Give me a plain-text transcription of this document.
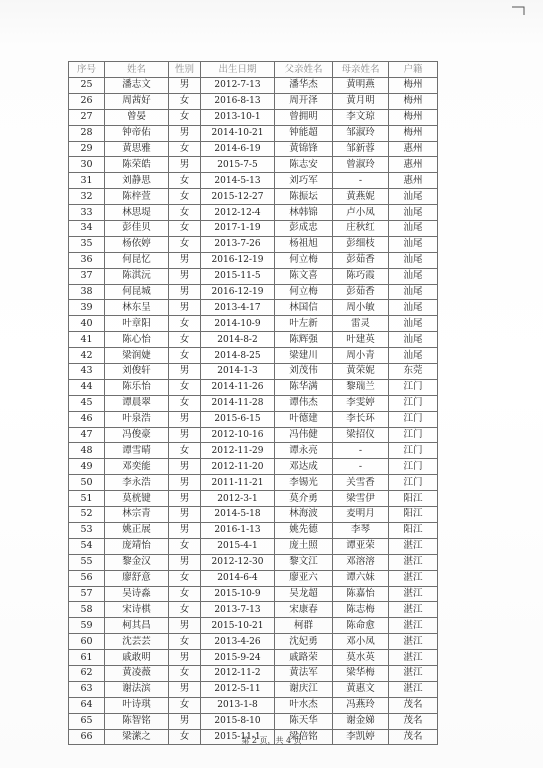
序号	姓名	性别	出生日期	父亲姓名	母亲姓名	户籍
25	潘志文	男	2012-7-13	潘华杰	黄明燕	梅州
26	周茜好	女	2016-8-13	周开泽	黄月明	梅州
27	曾晏	女	2013-10-1	曾拥明	李文琼	梅州
28	钟帝佑	男	2014-10-21	钟能超	邹淑玲	梅州
29	黄思雅	女	2014-6-19	黄锦锋	邹新蓉	惠州
30	陈荣皓	男	2015-7-5	陈志安	曾淑玲	惠州
31	刘静思	女	2014-5-13	刘巧军	-	惠州
32	陈梓萱	女	2015-12-27	陈振坛	黄燕妮	汕尾
33	林思堤	女	2012-12-4	林韩锦	卢小凤	汕尾
34	彭佳贝	女	2017-1-19	彭成忠	庄秋红	汕尾
35	杨依婷	女	2013-7-26	杨祖旭	彭细枝	汕尾
36	何昆忆	男	2016-12-19	何立梅	彭茹香	汕尾
37	陈淇沅	男	2015-11-5	陈文喜	陈巧霞	汕尾
38	何昆城	男	2016-12-19	何立梅	彭茹香	汕尾
39	林东呈	男	2013-4-17	林国信	周小敏	汕尾
40	叶章阳	女	2014-10-9	叶左新	雷灵	汕尾
41	陈心怡	女	2014-8-2	陈辉强	叶建英	汕尾
42	梁润婕	女	2014-8-25	梁建川	周小青	汕尾
43	刘俊轩	男	2014-1-3	刘茂伟	黄荣妮	东莞
44	陈乐怡	女	2014-11-26	陈华满	黎瑞兰	江门
45	谭晨翠	女	2014-11-28	谭伟杰	李雯婷	江门
46	叶泉浩	男	2015-6-15	叶德建	李长环	江门
47	冯俊豪	男	2012-10-16	冯伟健	梁招仪	江门
48	谭雪晴	女	2012-11-29	谭永亮	-	江门
49	邓奕能	男	2012-11-20	邓达成	-	江门
50	李永浩	男	2011-11-21	李锡光	关雪香	江门
51	莫桄键	男	2012-3-1	莫介勇	梁雪伊	阳江
52	林宗青	男	2014-5-18	林海波	麦明月	阳江
53	姚正展	男	2016-1-13	姚先德	李琴	阳江
54	庞靖怡	女	2015-4-1	庞土照	谭亚荣	湛江
55	黎金汉	男	2012-12-30	黎文江	邓溶溶	湛江
56	廖舒意	女	2014-6-4	廖亚六	谭六妹	湛江
57	吴诗淼	女	2015-10-9	吴龙超	陈嘉怡	湛江
58	宋诗棋	女	2013-7-13	宋康春	陈志梅	湛江
59	柯其昌	男	2015-10-21	柯群	陈命愈	湛江
60	沈芸芸	女	2013-4-26	沈妃勇	邓小凤	湛江
61	戚敢明	男	2015-9-24	戚路荣	莫水英	湛江
62	黄凌薇	女	2012-11-2	黄法军	梁华梅	湛江
63	谢法滨	男	2012-5-11	谢庆江	黄惠文	湛江
64	叶诗琪	女	2013-1-8	叶水杰	冯燕玲	茂名
65	陈智铭	男	2015-8-10	陈天华	谢金娣	茂名
66	梁潆之	女	2015-11-1	梁倍铭	李凯婷	茂名
第 2 页，共 4 页
